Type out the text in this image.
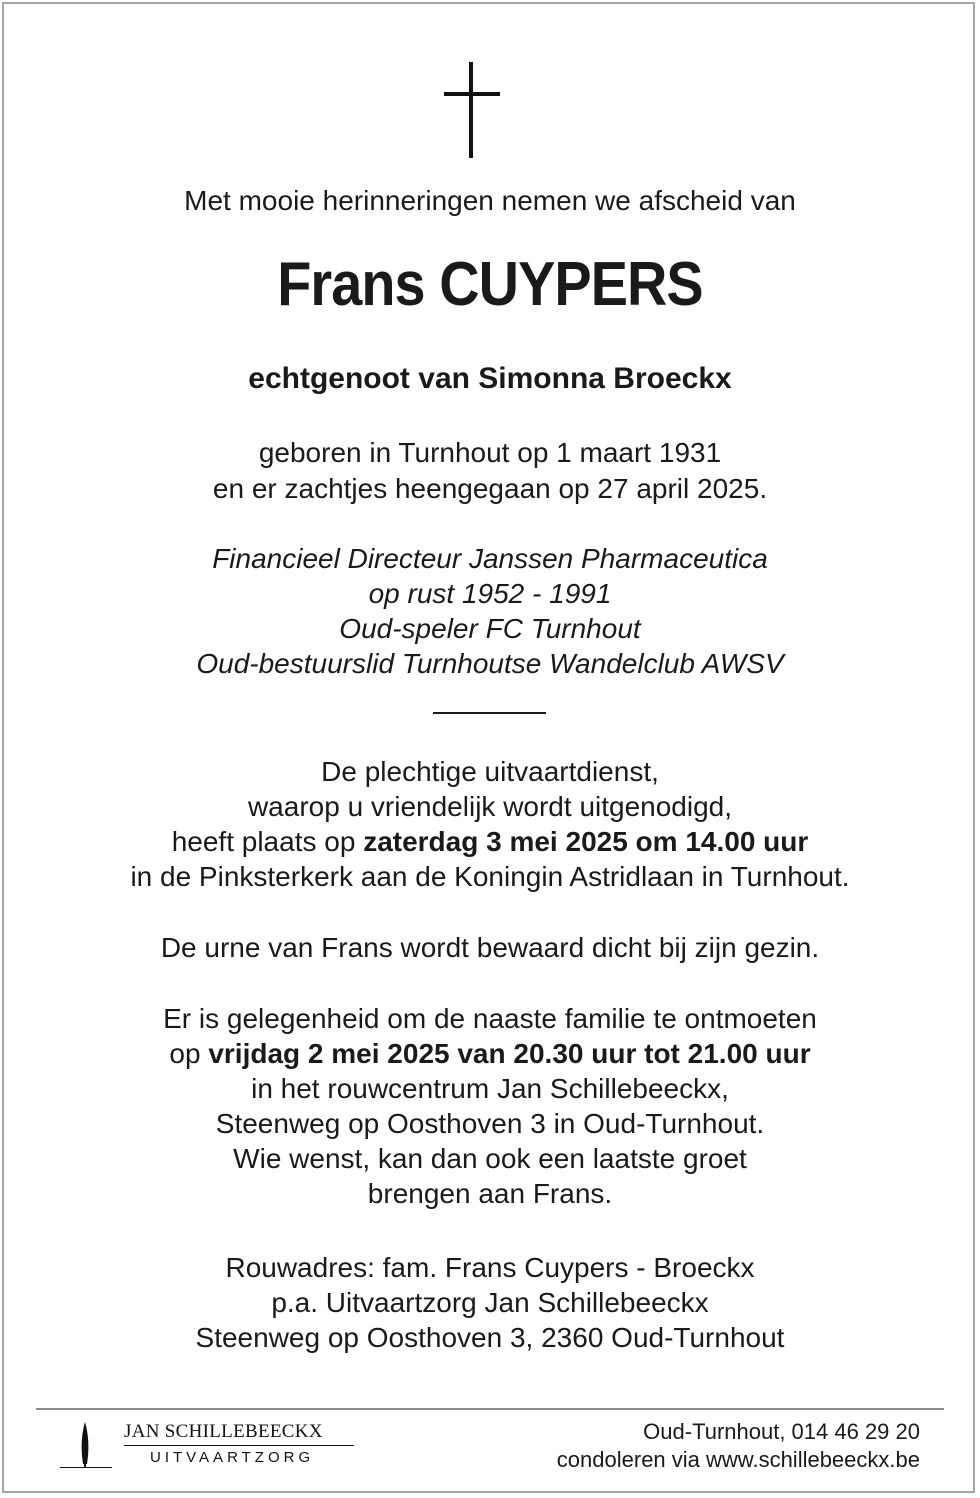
Met mooie herinneringen nemen we afscheid van
Frans CUYPERS
echtgenoot van Simonna Broeckx
geboren in Turnhout op 1 maart 1931
en er zachtjes heengegaan op 27 april 2025.
Financieel Directeur Janssen Pharmaceutica
op rust 1952 - 1991
Oud-speler FC Turnhout
Oud-bestuurslid Turnhoutse Wandelclub AWSV
De plechtige uitvaartdienst,
waarop u vriendelijk wordt uitgenodigd,
heeft plaats op zaterdag 3 mei 2025 om 14.00 uur
in de Pinksterkerk aan de Koningin Astridlaan in Turnhout.
De urne van Frans wordt bewaard dicht bij zijn gezin.
Er is gelegenheid om de naaste familie te ontmoeten
op vrijdag 2 mei 2025 van 20.30 uur tot 21.00 uur
in het rouwcentrum Jan Schillebeeckx,
Steenweg op Oosthoven 3 in Oud-Turnhout.
Wie wenst, kan dan ook een laatste groet
brengen aan Frans.
Rouwadres: fam. Frans Cuypers - Broeckx
p.a. Uitvaartzorg Jan Schillebeeckx
Steenweg op Oosthoven 3, 2360 Oud-Turnhout
JAN SCHILLEBEECKX
UITVAARTZORG
Oud-Turnhout, 014 46 29 20
condoleren via www.schillebeeckx.be
